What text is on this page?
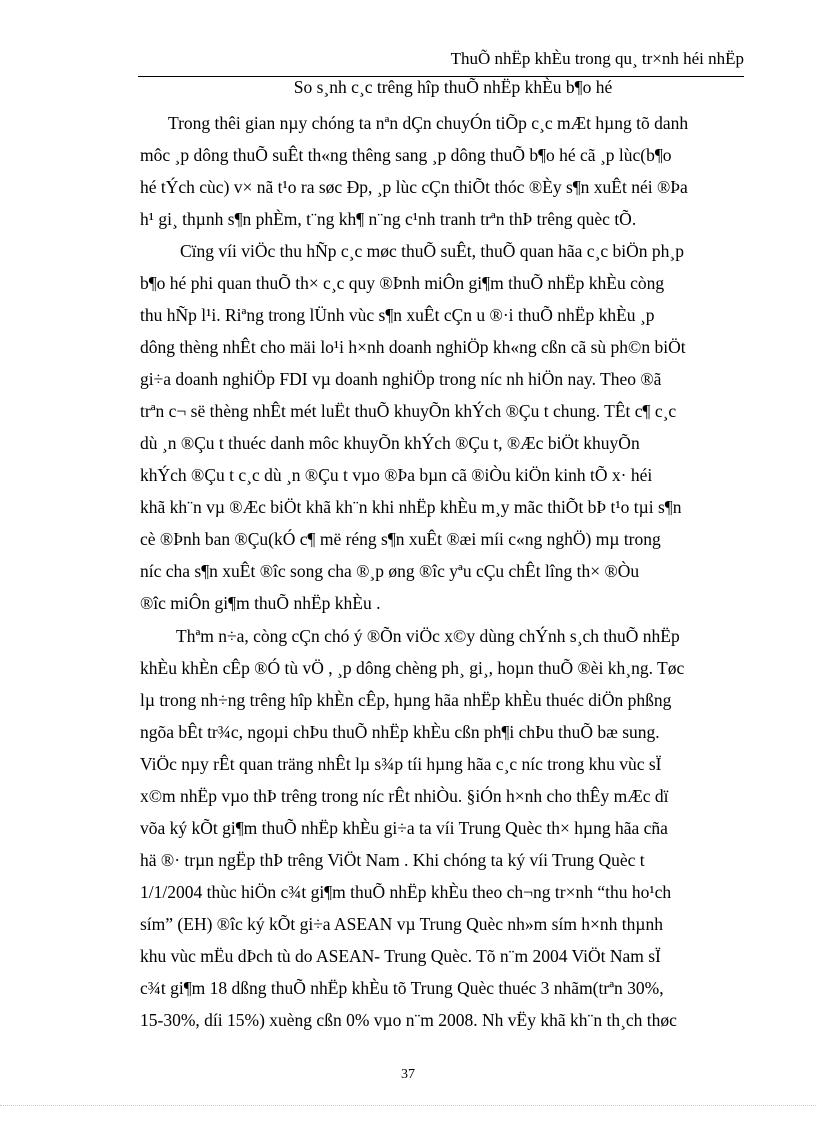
ThuÕ nhËp khÈu trong qu¸ tr×nh héi nhËp
So s¸nh c¸c trêng hîp thuÕ nhËp khÈu b¶o hé
Trong thêi gian nµy chóng ta nªn dÇn chuyÓn tiÕp c¸c mÆt hµng tõ danh
môc ¸p dông thuÕ suÊt th«ng thêng sang ¸p dông thuÕ b¶o hé cã ¸p lùc(b¶o
hé tÝch cùc) v× nã t¹o ra søc Ðp, ¸p lùc cÇn thiÕt thóc ®Èy s¶n xuÊt néi ®Þa
h¹ gi¸ thµnh s¶n phÈm, t¨ng kh¶ n¨ng c¹nh tranh trªn thÞ trêng quèc tÕ.
Cïng víi viÖc thu hÑp c¸c møc thuÕ suÊt, thuÕ quan hãa c¸c biÖn ph¸p
b¶o hé phi quan thuÕ th× c¸c quy ®Þnh miÔn gi¶m thuÕ nhËp khÈu còng
thu hÑp l¹i. Riªng trong lÜnh vùc s¶n xuÊt cÇn u ®·i thuÕ nhËp khÈu ¸p
dông thèng nhÊt cho mäi lo¹i h×nh doanh nghiÖp kh«ng cßn cã sù ph©n biÖt
gi÷a doanh nghiÖp FDI vµ doanh nghiÖp trong níc nh hiÖn nay. Theo ®ã
trªn c¬ së thèng nhÊt mét luËt thuÕ khuyÕn khÝch ®Çu t chung. TÊt c¶ c¸c
dù ¸n ®Çu t thuéc danh môc khuyÕn khÝch ®Çu t, ®Æc biÖt khuyÕn
khÝch ®Çu t c¸c dù ¸n ®Çu t vµo ®Þa bµn cã ®iÒu kiÖn kinh tÕ x· héi
khã kh¨n vµ ®Æc biÖt khã kh¨n khi nhËp khÈu m¸y mãc thiÕt bÞ t¹o tµi s¶n
cè ®Þnh ban ®Çu(kÓ c¶ më réng s¶n xuÊt ®æi míi c«ng nghÖ) mµ trong
níc cha s¶n xuÊt ®îc song cha ®¸p øng ®îc yªu cÇu chÊt lîng th× ®Òu
®îc miÔn gi¶m thuÕ nhËp khÈu .
Thªm n÷a, còng cÇn chó ý ®Õn viÖc x©y dùng chÝnh s¸ch thuÕ nhËp
khÈu khÈn cÊp ®Ó tù vÖ , ¸p dông chèng ph¸ gi¸, hoµn thuÕ ®èi kh¸ng. Tøc
lµ trong nh÷ng trêng hîp khÈn cÊp, hµng hãa nhËp khÈu thuéc diÖn phßng
ngõa bÊt tr¾c, ngoµi chÞu thuÕ nhËp khÈu cßn ph¶i chÞu thuÕ bæ sung.
ViÖc nµy rÊt quan träng nhÊt lµ s¾p tíi hµng hãa c¸c níc trong khu vùc sÏ
x©m nhËp vµo thÞ trêng trong níc rÊt nhiÒu. §iÓn h×nh cho thÊy mÆc dï
võa ký kÕt gi¶m thuÕ nhËp khÈu gi÷a ta víi Trung Quèc th× hµng hãa cña
hä ®· trµn ngËp thÞ trêng ViÖt Nam . Khi chóng ta ký víi Trung Quèc t
1/1/2004 thùc hiÖn c¾t gi¶m thuÕ nhËp khÈu theo ch¬ng tr×nh “thu ho¹ch
sím” (EH) ®îc ký kÕt gi÷a ASEAN vµ Trung Quèc nh»m sím h×nh thµnh
khu vùc mËu dÞch tù do ASEAN- Trung Quèc. Tõ n¨m 2004 ViÖt Nam sÏ
c¾t gi¶m 18 dßng thuÕ nhËp khÈu tõ Trung Quèc thuéc 3 nhãm(trªn 30%,
15-30%, díi 15%) xuèng cßn 0% vµo n¨m 2008. Nh vËy khã kh¨n th¸ch thøc
37
